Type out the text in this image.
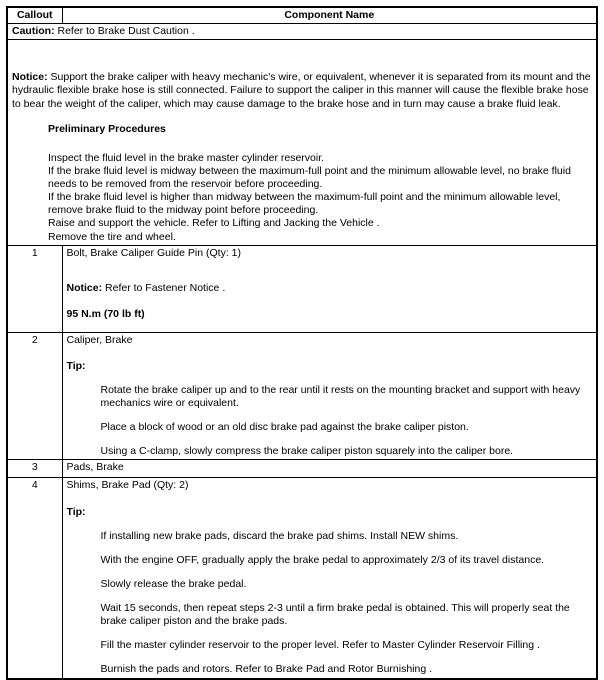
Callout	Component Name
Caution: Refer to Brake Dust Caution .	

Notice: Support the brake caliper with heavy mechanic's wire, or equivalent, whenever it is separated from its mount and the hydraulic flexible brake hose is still connected. Failure to support the caliper in this manner will cause the flexible brake hose to bear the weight of the caliper, which may cause damage to the brake hose and in turn may cause a brake fluid leak.
Preliminary Procedures

Inspect the fluid level in the brake master cylinder reservoir.

If the brake fluid level is midway between the maximum-full point and the minimum allowable level, no brake fluid needs to be removed from the reservoir before proceeding.

If the brake fluid level is higher than midway between the maximum-full point and the minimum allowable level, remove brake fluid to the midway point before proceeding.

Raise and support the vehicle. Refer to Lifting and Jacking the Vehicle .

Remove the tire and wheel.

1	Bolt, Brake Caliper Guide Pin (Qty: 1)
Notice: Refer to Fastener Notice .
95 N.m (70 lb ft)

2	Caliper, Brake
Tip:
Rotate the brake caliper up and to the rear until it rests on the mounting bracket and support with heavy mechanics wire or equivalent.
Place a block of wood or an old disc brake pad against the brake caliper piston.
Using a C-clamp, slowly compress the brake caliper piston squarely into the caliper bore.

3	Pads, Brake

4	Shims, Brake Pad (Qty: 2)
Tip:
If installing new brake pads, discard the brake pad shims. Install NEW shims.
With the engine OFF, gradually apply the brake pedal to approximately 2/3 of its travel distance.
Slowly release the brake pedal.
Wait 15 seconds, then repeat steps 2-3 until a firm brake pedal is obtained. This will properly seat the brake caliper piston and the brake pads.
Fill the master cylinder reservoir to the proper level. Refer to Master Cylinder Reservoir Filling .
Burnish the pads and rotors. Refer to Brake Pad and Rotor Burnishing .
